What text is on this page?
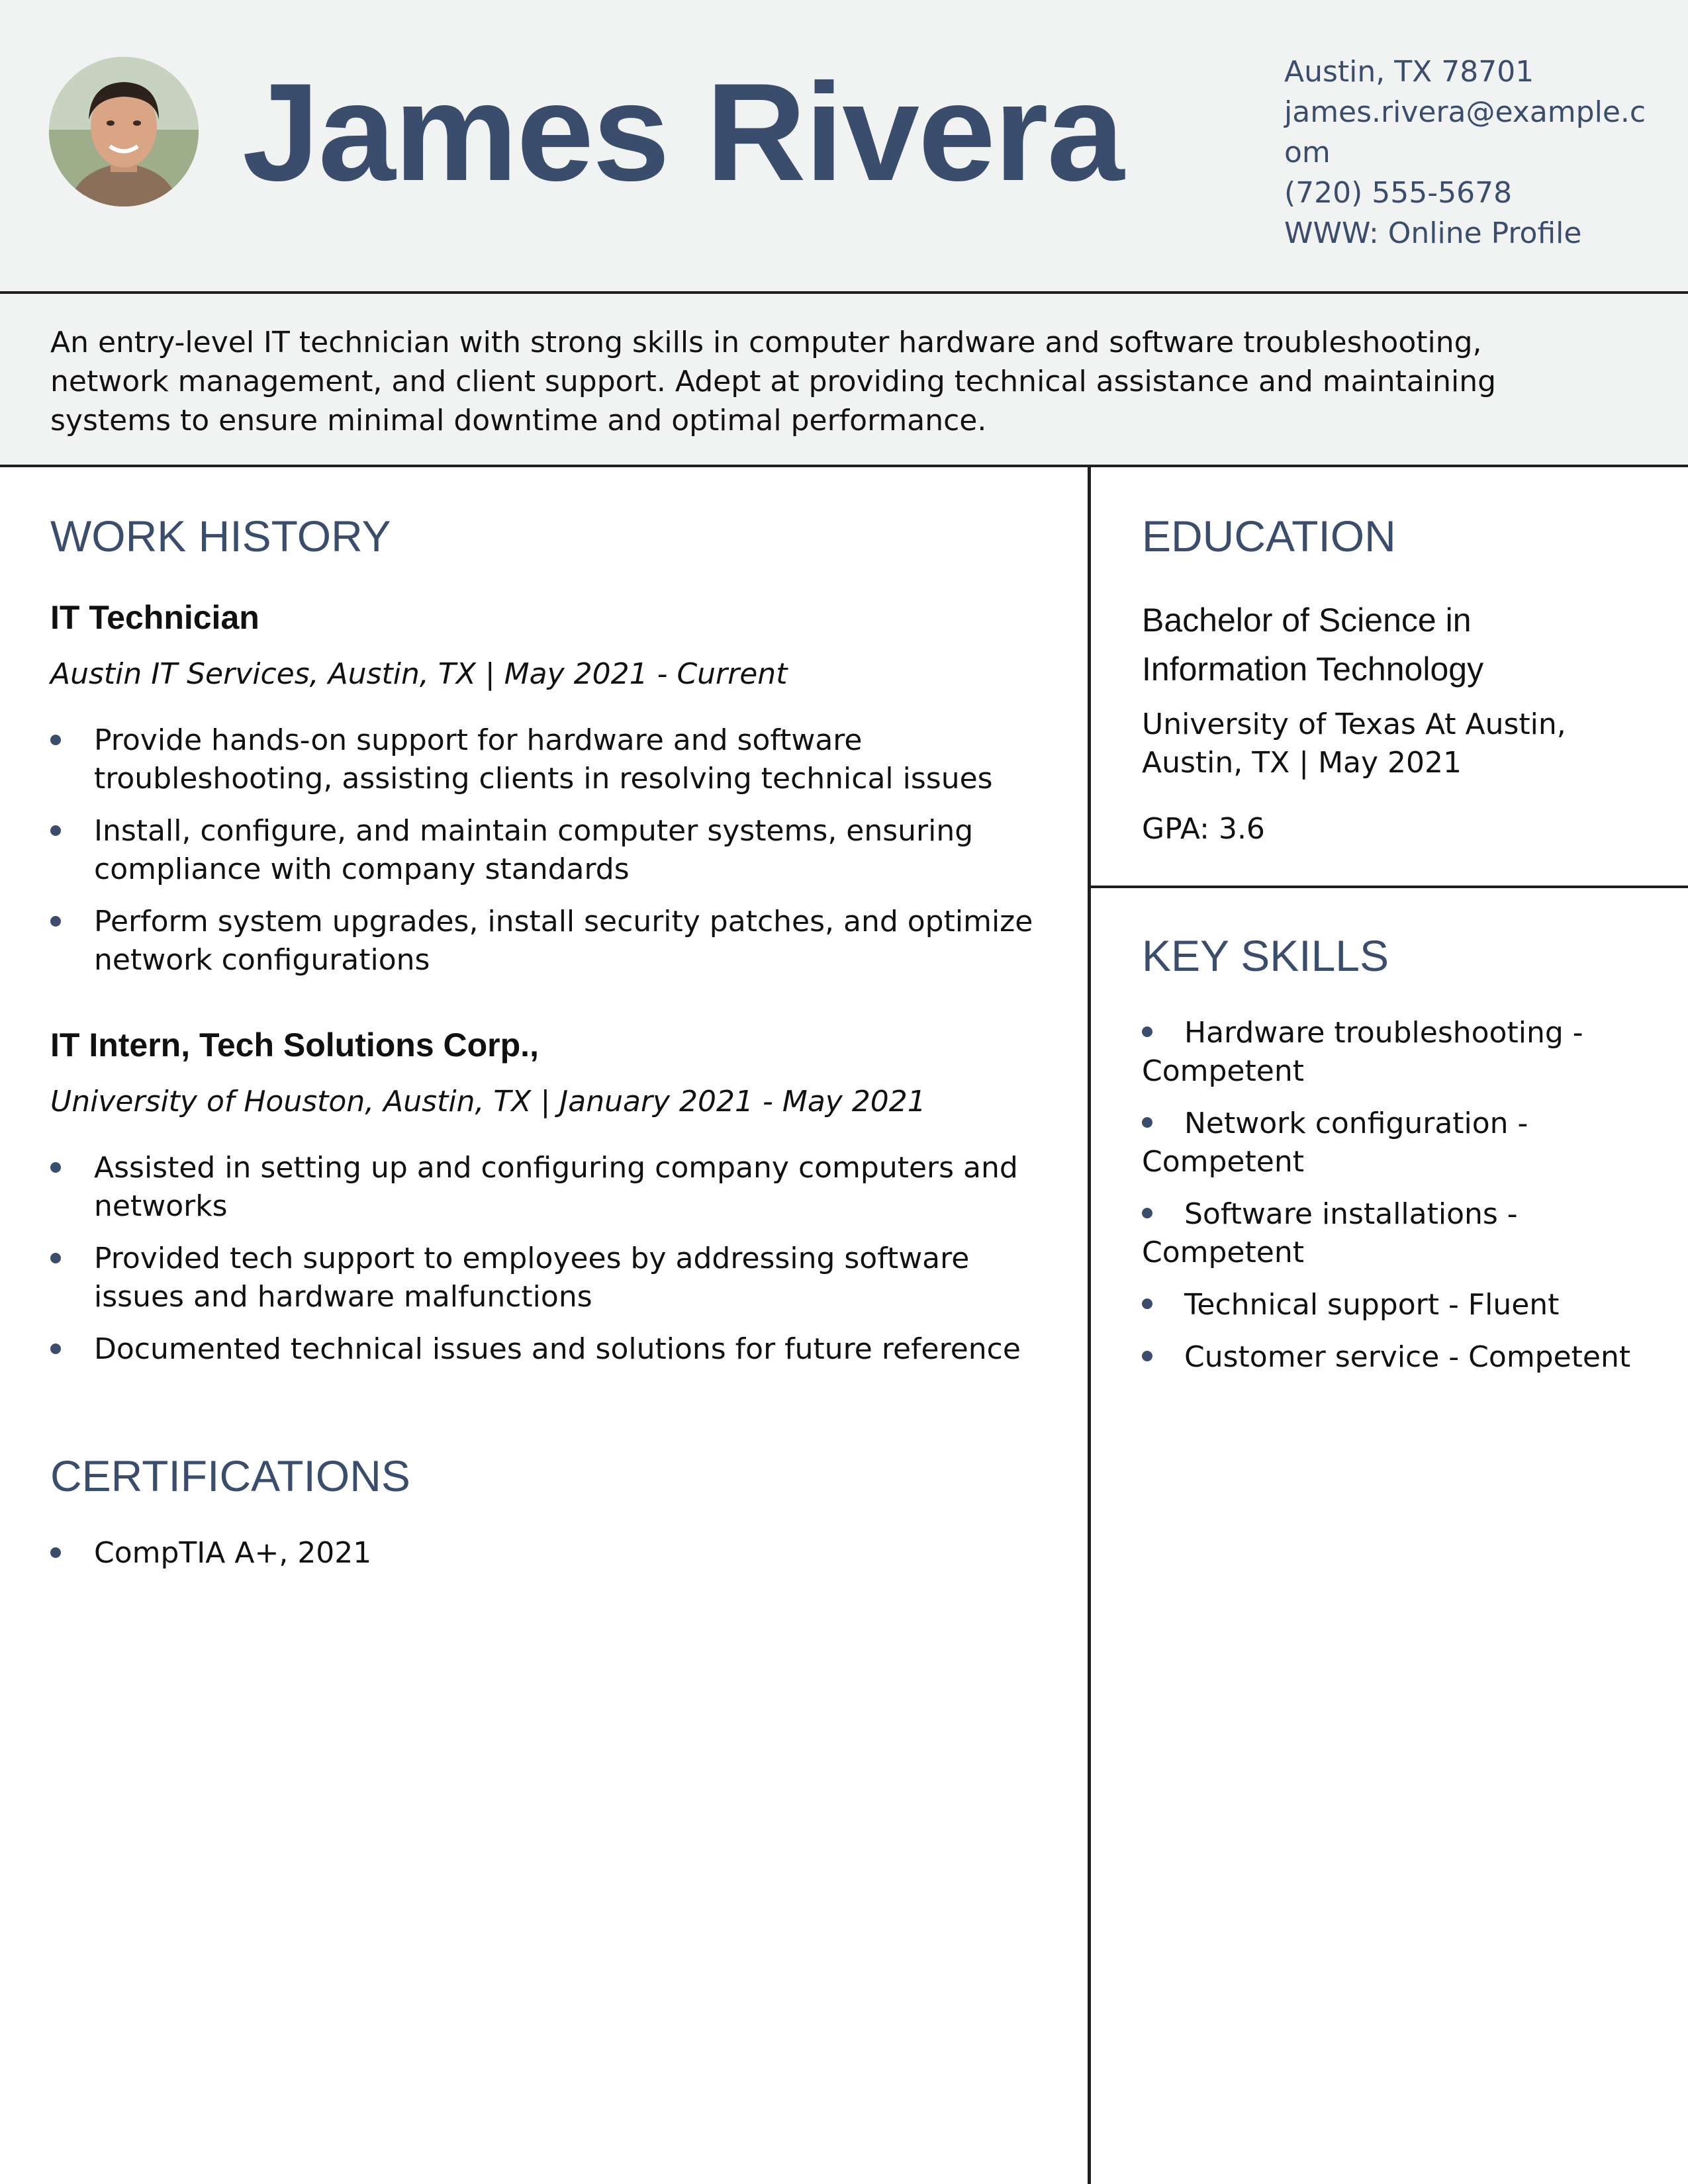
James Rivera	Austin, TX 78701
james.rivera@example.c
om
(720) 555-5678
WWW: Online Profile

An entry-level IT technician with strong skills in computer hardware and software troubleshooting, network management, and client support. Adept at providing technical assistance and maintaining systems to ensure minimal downtime and optimal performance.

WORK HISTORY
IT Technician
Austin IT Services, Austin, TX | May 2021 - Current
Provide hands-on support for hardware and software troubleshooting, assisting clients in resolving technical issues
Install, configure, and maintain computer systems, ensuring compliance with company standards
Perform system upgrades, install security patches, and optimize network configurations
IT Intern, Tech Solutions Corp.,
University of Houston, Austin, TX | January 2021 - May 2021
Assisted in setting up and configuring company computers and networks
Provided tech support to employees by addressing software issues and hardware malfunctions
Documented technical issues and solutions for future reference
CERTIFICATIONS
CompTIA A+, 2021
EDUCATION
Bachelor of Science in
Information Technology
University of Texas At Austin,
Austin, TX | May 2021
GPA: 3.6
KEY SKILLS
Hardware troubleshooting - Competent
Network configuration - Competent
Software installations - Competent
Technical support - Fluent
Customer service - Competent
